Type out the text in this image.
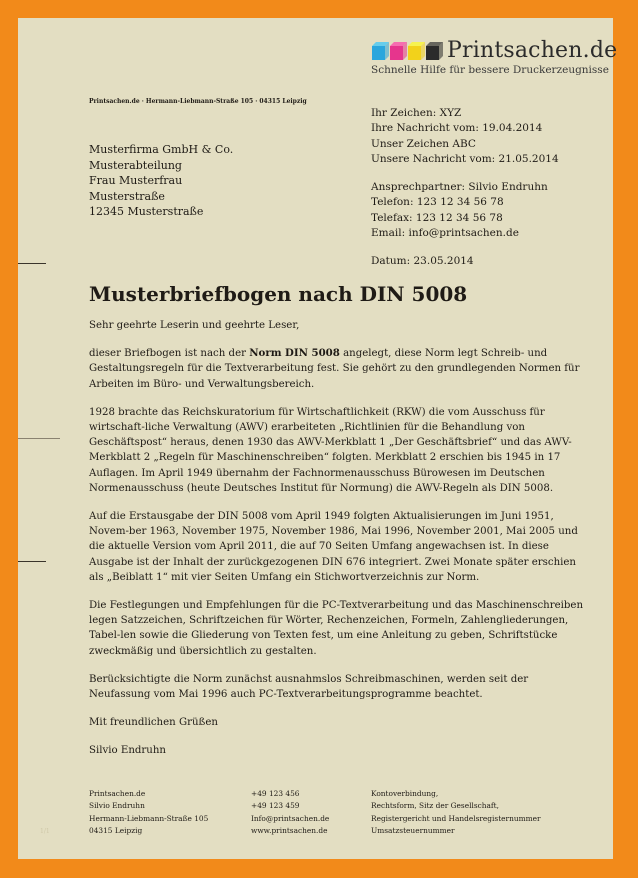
Printsachen.de
Schnelle Hilfe für bessere Druckerzeugnisse
Printsachen.de · Hermann-Liebmann-Straße 105 · 04315 Leipzig
Musterfirma GmbH & Co.
Musterabteilung
Frau Musterfrau
Musterstraße
12345 Musterstraße
Ihr Zeichen: XYZ
Ihre Nachricht vom: 19.04.2014
Unser Zeichen ABC
Unsere Nachricht vom: 21.05.2014
Ansprechpartner: Silvio Endruhn
Telefon: 123 12 34 56 78
Telefax: 123 12 34 56 78
Email: info@printsachen.de
Datum: 23.05.2014
Musterbriefbogen nach DIN 5008

Sehr geehrte Leserin und geehrte Leser,

dieser Briefbogen ist nach der Norm DIN 5008 angelegt, diese Norm legt Schreib- und Gestaltungsregeln für die Textverarbeitung fest. Sie gehört zu den grundlegenden Normen für Arbeiten im Büro- und Verwaltungsbereich.

1928 brachte das Reichskuratorium für Wirtschaftlichkeit (RKW) die vom Ausschuss für wirtschaft-liche Verwaltung (AWV) erarbeiteten „Richtlinien für die Behandlung von Geschäftspost“ heraus, denen 1930 das AWV-Merkblatt 1 „Der Geschäftsbrief“ und das AWV-Merkblatt 2 „Regeln für Maschinenschreiben“ folgten. Merkblatt 2 erschien bis 1945 in 17 Auflagen. Im April 1949 übernahm der Fachnormenausschuss Bürowesen im Deutschen Normenausschuss (heute Deutsches Institut für Normung) die AWV-Regeln als DIN 5008.

Auf die Erstausgabe der DIN 5008 vom April 1949 folgten Aktualisierungen im Juni 1951, Novem-ber 1963, November 1975, November 1986, Mai 1996, November 2001, Mai 2005 und die aktuelle Version vom April 2011, die auf 70 Seiten Umfang angewachsen ist. In diese Ausgabe ist der Inhalt der zurückgezogenen DIN 676 integriert. Zwei Monate später erschien als „Beiblatt 1“ mit vier Seiten Umfang ein Stichwortverzeichnis zur Norm.

Die Festlegungen und Empfehlungen für die PC-Textverarbeitung und das Maschinenschreiben legen Satzzeichen, Schriftzeichen für Wörter, Rechenzeichen, Formeln, Zahlengliederungen, Tabel-len sowie die Gliederung von Texten fest, um eine Anleitung zu geben, Schriftstücke zweckmäßig und übersichtlich zu gestalten.

Berücksichtigte die Norm zunächst ausnahmslos Schreibmaschinen, werden seit der Neufassung vom Mai 1996 auch PC-Textverarbeitungsprogramme beachtet.

Mit freundlichen Grüßen

Silvio Endruhn

Printsachen.de
Silvio Endruhn
Hermann-Liebmann-Straße 105
04315 Leipzig
+49 123 456
+49 123 459
Info@printsachen.de
www.printsachen.de
Kontoverbindung,
Rechtsform, Sitz der Gesellschaft,
Registergericht und Handelsregisternummer
Umsatzsteuernummer
1/1
